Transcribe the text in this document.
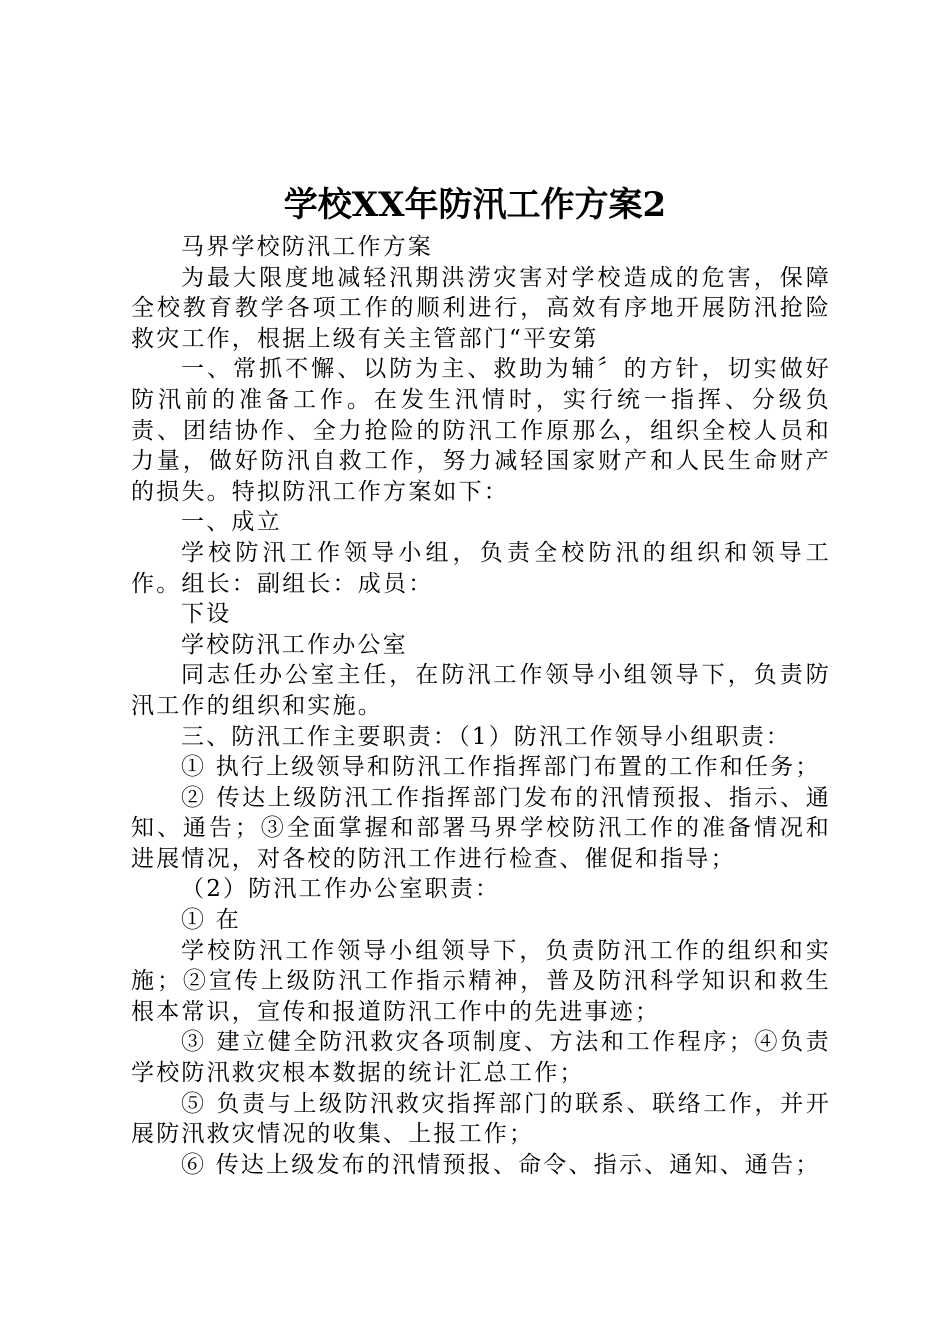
学校XX年防汛工作方案2

马界学校防汛工作方案

为最大限度地减轻汛期洪涝灾害对学校造成的危害，保障全校教育教学各项工作的顺利进行，高效有序地开展防汛抢险救灾工作，根据上级有关主管部门“平安第

一、常抓不懈、以防为主、救助为辅〞的方针，切实做好防汛前的准备工作。在发生汛情时，实行统一指挥、分级负责、团结协作、全力抢险的防汛工作原那么，组织全校人员和力量，做好防汛自救工作，努力减轻国家财产和人民生命财产的损失。特拟防汛工作方案如下：

一、成立

学校防汛工作领导小组，负责全校防汛的组织和领导工作。组长：副组长：成员：

下设

学校防汛工作办公室

同志任办公室主任，在防汛工作领导小组领导下，负责防汛工作的组织和实施。

三、防汛工作主要职责：（1）防汛工作领导小组职责：

① 执行上级领导和防汛工作指挥部门布置的工作和任务；

② 传达上级防汛工作指挥部门发布的汛情预报、指示、通知、通告；③全面掌握和部署马界学校防汛工作的准备情况和进展情况，对各校的防汛工作进行检查、催促和指导；

（2）防汛工作办公室职责：

① 在

学校防汛工作领导小组领导下，负责防汛工作的组织和实施；②宣传上级防汛工作指示精神，普及防汛科学知识和救生根本常识，宣传和报道防汛工作中的先进事迹；

③ 建立健全防汛救灾各项制度、方法和工作程序；④负责学校防汛救灾根本数据的统计汇总工作；

⑤ 负责与上级防汛救灾指挥部门的联系、联络工作，并开展防汛救灾情况的收集、上报工作；

⑥ 传达上级发布的汛情预报、命令、指示、通知、通告；
